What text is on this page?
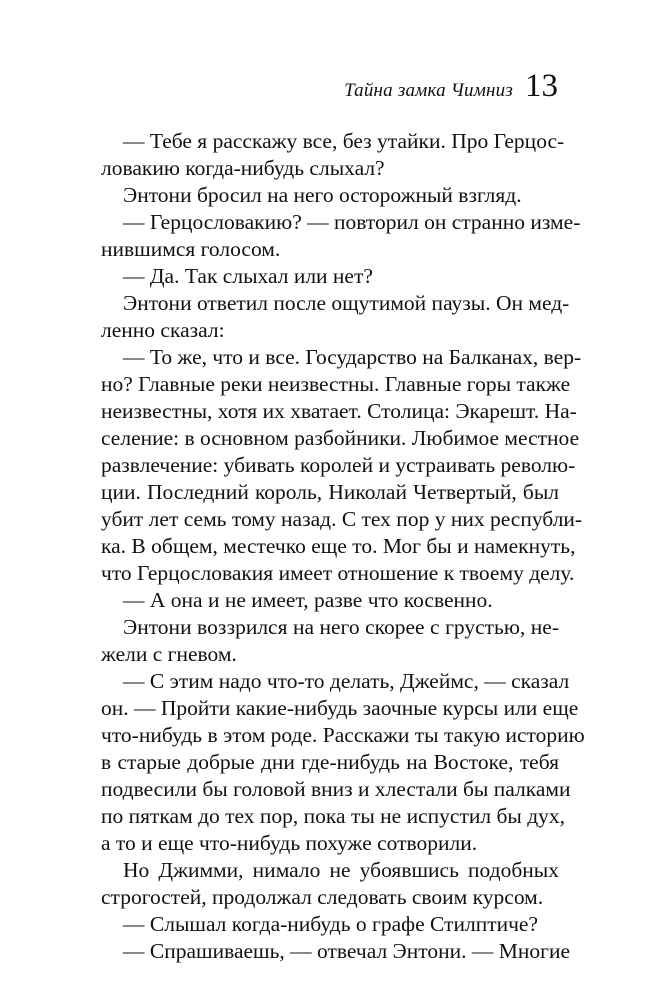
Тайна замка Чимниз 13
— Тебе я расскажу все, без утайки. Про Герцос-
ловакию когда-нибудь слыхал?
Энтони бросил на него осторожный взгляд.
— Герцословакию? — повторил он странно изме-
нившимся голосом.
— Да. Так слыхал или нет?
Энтони ответил после ощутимой паузы. Он мед-
ленно сказал:
— То же, что и все. Государство на Балканах, вер-
но? Главные реки неизвестны. Главные горы также
неизвестны, хотя их хватает. Столица: Экарешт. На-
селение: в основном разбойники. Любимое местное
развлечение: убивать королей и устраивать револю-
ции. Последний король, Николай Четвертый, был
убит лет семь тому назад. С тех пор у них республи-
ка. В общем, местечко еще то. Мог бы и намекнуть,
что Герцословакия имеет отношение к твоему делу.
— А она и не имеет, разве что косвенно.
Энтони воззрился на него скорее с грустью, не-
жели с гневом.
— С этим надо что-то делать, Джеймс, — сказал
он. — Пройти какие-нибудь заочные курсы или еще
что-нибудь в этом роде. Расскажи ты такую историю
в старые добрые дни где-нибудь на Востоке, тебя
подвесили бы головой вниз и хлестали бы палками
по пяткам до тех пор, пока ты не испустил бы дух,
а то и еще что-нибудь похуже сотворили.
Но Джимми, нимало не убоявшись подобных
строгостей, продолжал следовать своим курсом.
— Слышал когда-нибудь о графе Стилптиче?
— Спрашиваешь, — отвечал Энтони. — Многие
